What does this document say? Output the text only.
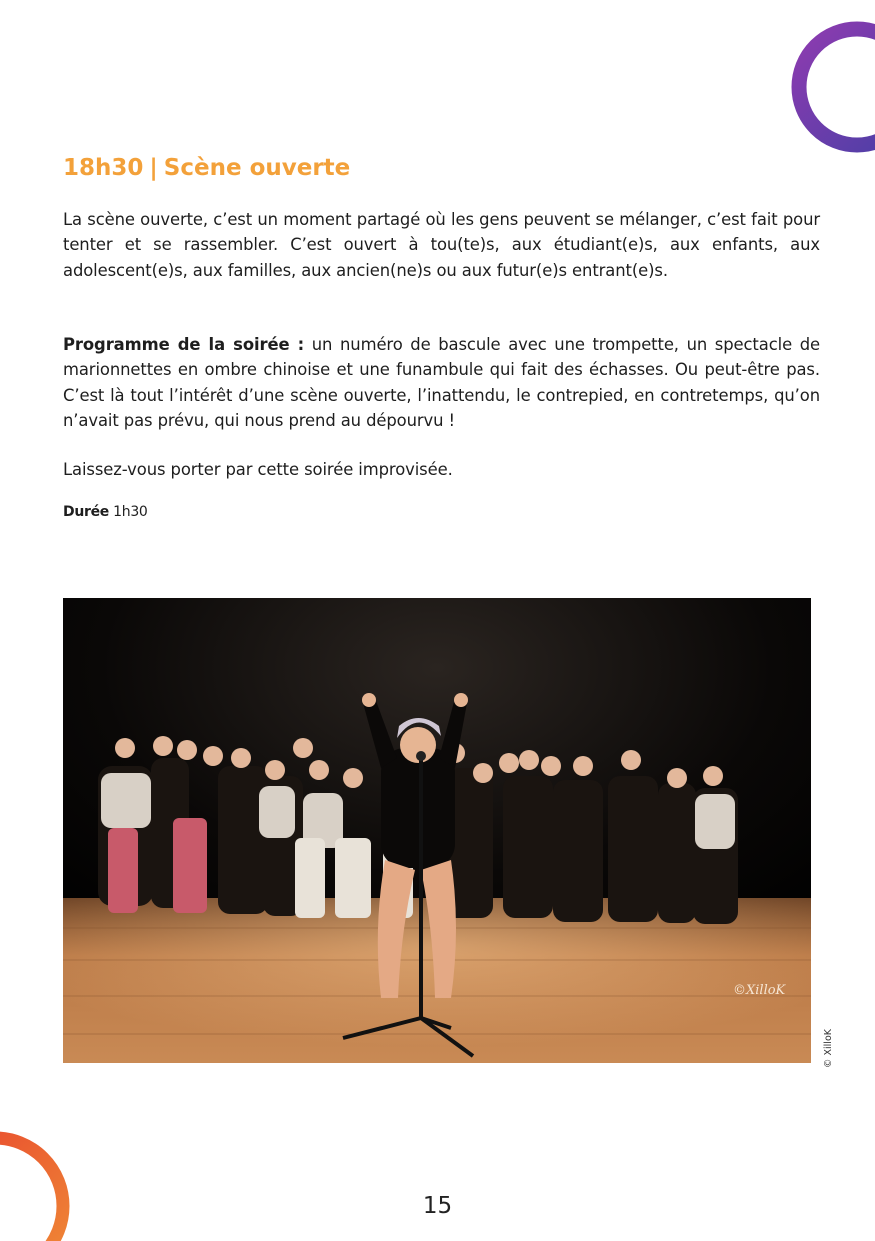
18h30 | Scène ouverte

La scène ouverte, c’est un moment partagé où les gens peuvent se mélanger, c’est fait pour tenter et se rassembler. C’est ouvert à tou(te)s, aux étudiant(e)s, aux enfants, aux adolescent(e)s, aux familles, aux ancien(ne)s ou aux futur(e)s entrant(e)s.

Programme de la soirée : un numéro de bascule avec une trompette, un spectacle de marionnettes en ombre chinoise et une funambule qui fait des échasses. Ou peut-être pas. C’est là tout l’intérêt d’une scène ouverte, l’inattendu, le contrepied, en contretemps, qu’on n’avait pas prévu, qui nous prend au dépourvu !

Laissez-vous porter par cette soirée improvisée.

Durée 1h30
©XilloK
© XilloK
15
